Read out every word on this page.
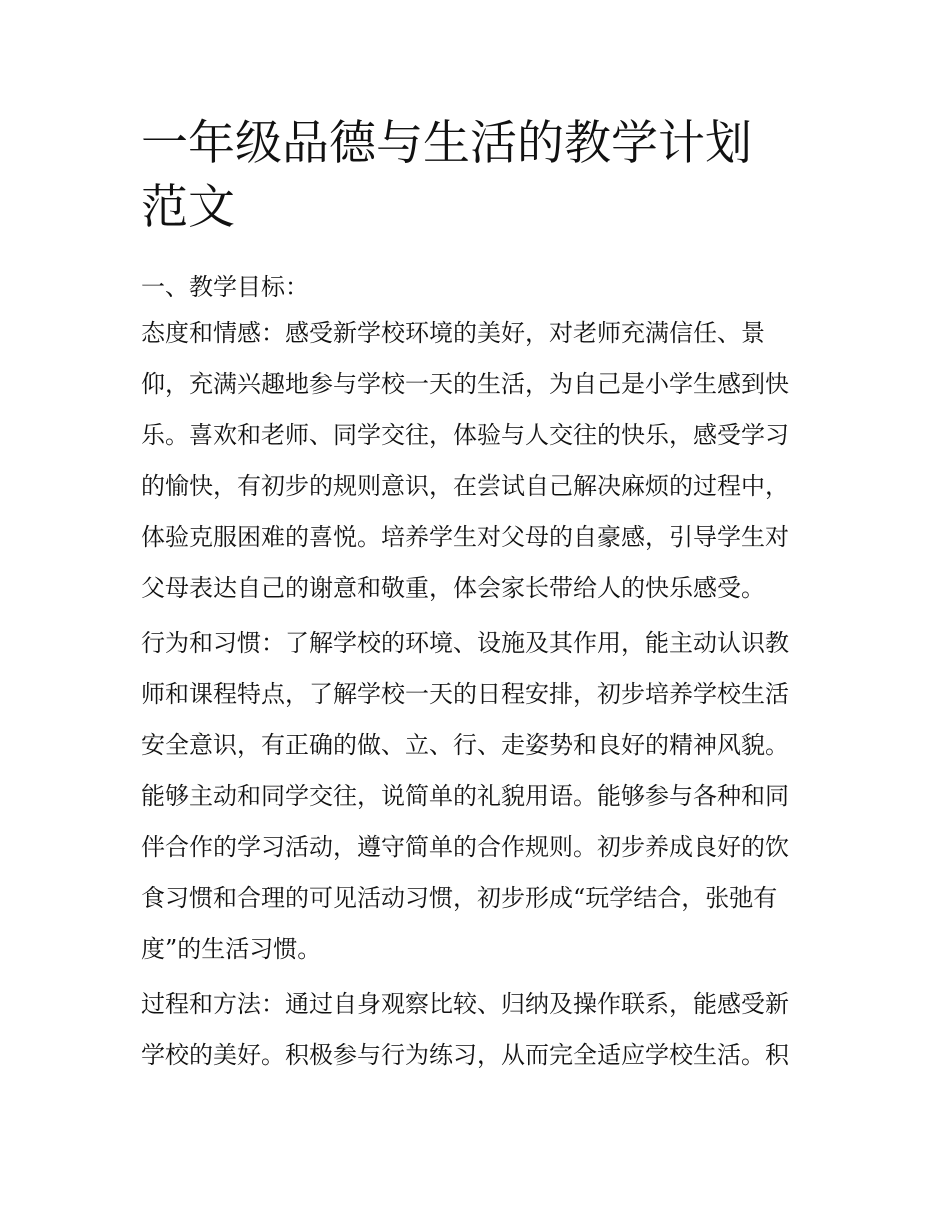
一年级品德与生活的教学计划
范文
一、教学目标：
态度和情感：感受新学校环境的美好，对老师充满信任、景
仰，充满兴趣地参与学校一天的生活，为自己是小学生感到快
乐。喜欢和老师、同学交往，体验与人交往的快乐，感受学习
的愉快，有初步的规则意识，在尝试自己解决麻烦的过程中，
体验克服困难的喜悦。培养学生对父母的自豪感，引导学生对
父母表达自己的谢意和敬重，体会家长带给人的快乐感受。
行为和习惯：了解学校的环境、设施及其作用，能主动认识教
师和课程特点，了解学校一天的日程安排，初步培养学校生活
安全意识，有正确的做、立、行、走姿势和良好的精神风貌。
能够主动和同学交往，说简单的礼貌用语。能够参与各种和同
伴合作的学习活动，遵守简单的合作规则。初步养成良好的饮
食习惯和合理的可见活动习惯，初步形成“玩学结合，张弛有
度”的生活习惯。
过程和方法：通过自身观察比较、归纳及操作联系，能感受新
学校的美好。积极参与行为练习，从而完全适应学校生活。积
